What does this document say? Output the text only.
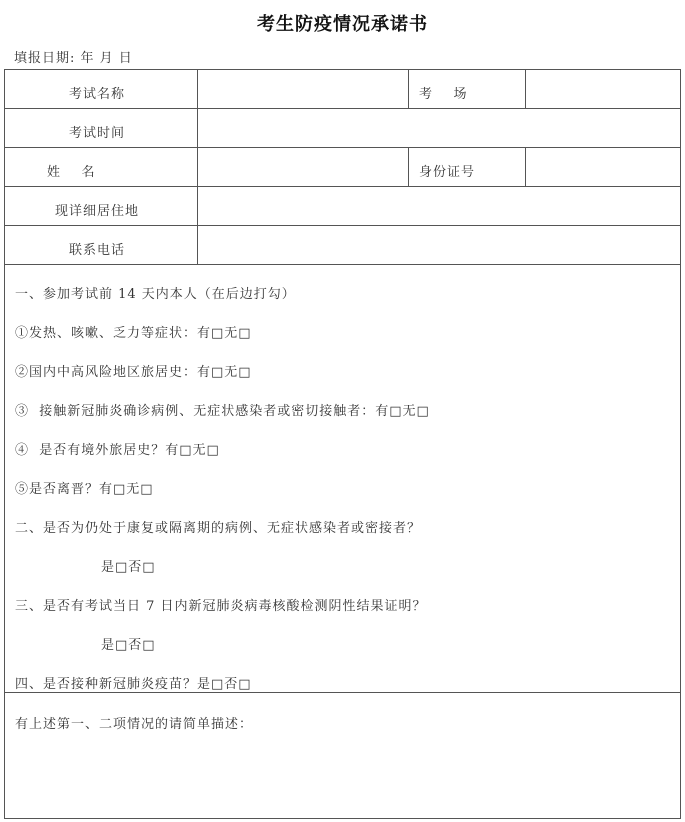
考生防疫情况承诺书
填报日期: 年 月 日
考试名称	考    场
考试时间
姓    名	身份证号
现详细居住地
联系电话
一、参加考试前 14 天内本人（在后边打勾）
①发热、咳嗽、乏力等症状：有□无□
②国内中高风险地区旅居史：有□无□
③  接触新冠肺炎确诊病例、无症状感染者或密切接触者：有□无□
④  是否有境外旅居史？有□无□
⑤是否离晋？有□无□
二、是否为仍处于康复或隔离期的病例、无症状感染者或密接者？
是□否□
三、是否有考试当日 7 日内新冠肺炎病毒核酸检测阴性结果证明？
是□否□
四、是否接种新冠肺炎疫苗？是□否□
有上述第一、二项情况的请简单描述：
